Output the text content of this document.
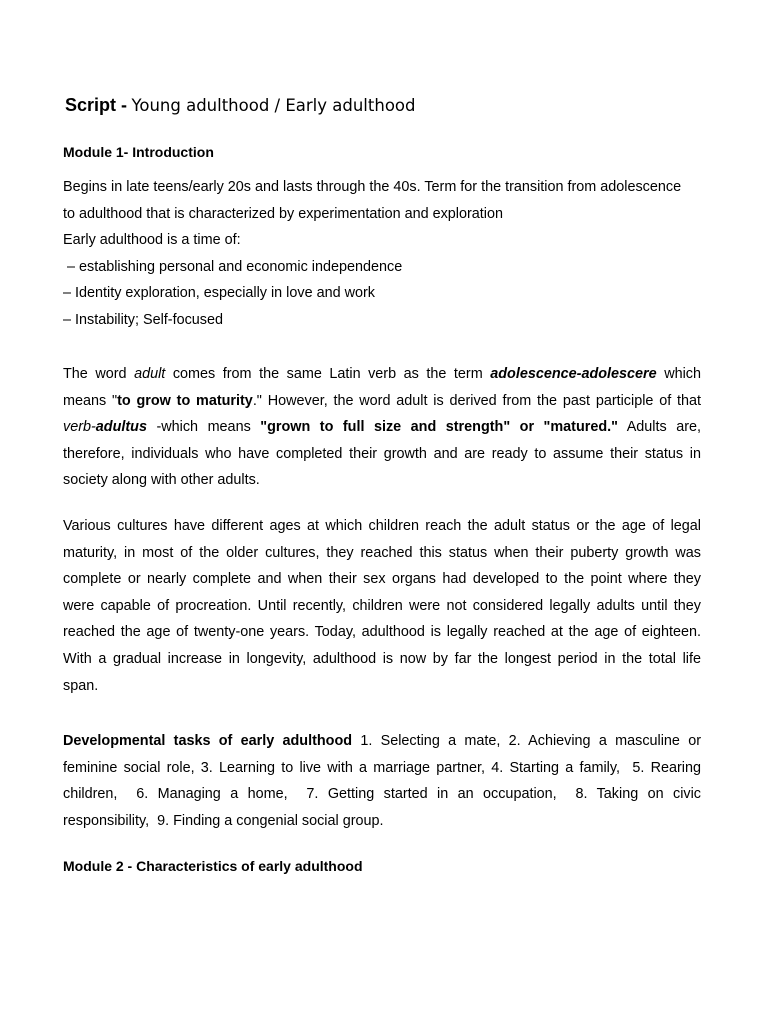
Script - Young adulthood / Early adulthood
Module 1- Introduction
Begins in late teens/early 20s and lasts through the 40s. Term for the transition from adolescence
to adulthood that is characterized by experimentation and exploration
Early adulthood is a time of:
– establishing personal and economic independence
– Identity exploration, especially in love and work
– Instability; Self-focused
The word adult comes from the same Latin verb as the term adolescence-adolescere which
means "to grow to maturity." However, the word adult is derived from the past participle of that
verb-adultus -which means "grown to full size and strength" or "matured." Adults are,
therefore, individuals who have completed their growth and are ready to assume their status in
society along with other adults.
Various cultures have different ages at which children reach the adult status or the age of legal
maturity, in most of the older cultures, they reached this status when their puberty growth was
complete or nearly complete and when their sex organs had developed to the point where they
were capable of procreation. Until recently, children were not considered legally adults until they
reached the age of twenty-one years. Today, adulthood is legally reached at the age of eighteen.
With a gradual increase in longevity, adulthood is now by far the longest period in the total life
span.
Developmental tasks of early adulthood 1. Selecting a mate, 2. Achieving a masculine or
feminine social role, 3. Learning to live with a marriage partner, 4. Starting a family,  5. Rearing
children,  6. Managing a home,  7. Getting started in an occupation,  8. Taking on civic
responsibility,  9. Finding a congenial social group.
Module 2 - Characteristics of early adulthood
